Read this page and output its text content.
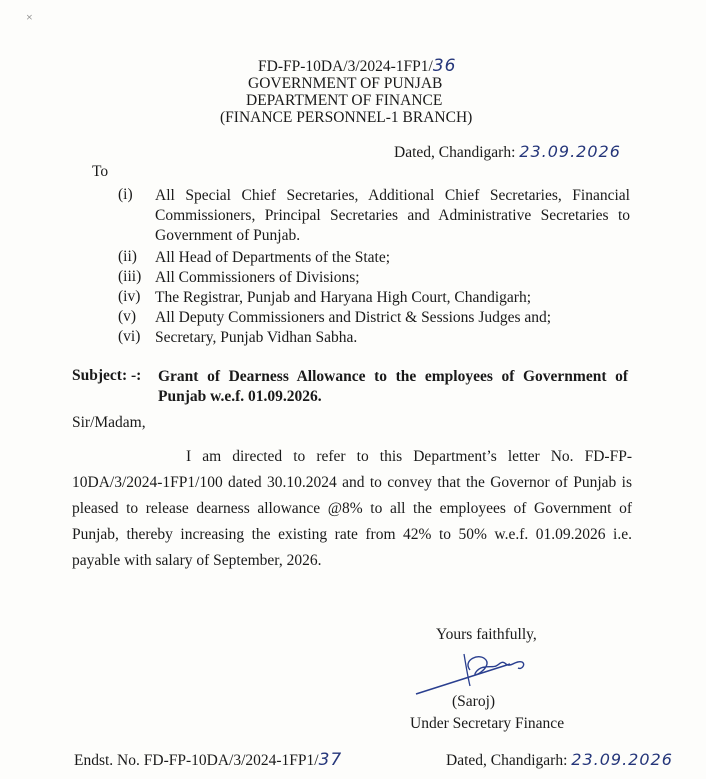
×
FD-FP-10DA/3/2024-1FP1/36
GOVERNMENT OF PUNJAB
DEPARTMENT OF FINANCE
(FINANCE PERSONNEL-1 BRANCH)
Dated, Chandigarh: 23.09.2026
To
(i)	All Special Chief Secretaries, Additional Chief Secretaries, Financial Commissioners, Principal Secretaries and Administrative Secretaries to Government of Punjab.
(ii)	All Head of Departments of the State;
(iii) All Commissioners of Divisions;
(iv) The Registrar, Punjab and Haryana High Court, Chandigarh;
(v)	All Deputy Commissioners and District & Sessions Judges and;
(vi) Secretary, Punjab Vidhan Sabha.
Subject: -: Grant of Dearness Allowance to the employees of Government of Punjab w.e.f. 01.09.2026.
Sir/Madam,
I am directed to refer to this Department’s letter No. FD-FP-10DA/3/2024-1FP1/100 dated 30.10.2024 and to convey that the Governor of Punjab is pleased to release dearness allowance @8% to all the employees of Government of Punjab, thereby increasing the existing rate from 42% to 50% w.e.f. 01.09.2026 i.e. payable with salary of September, 2026.
Yours faithfully,
(Saroj)
Under Secretary Finance
Endst. No. FD-FP-10DA/3/2024-1FP1/37	Dated, Chandigarh: 23.09.2026
